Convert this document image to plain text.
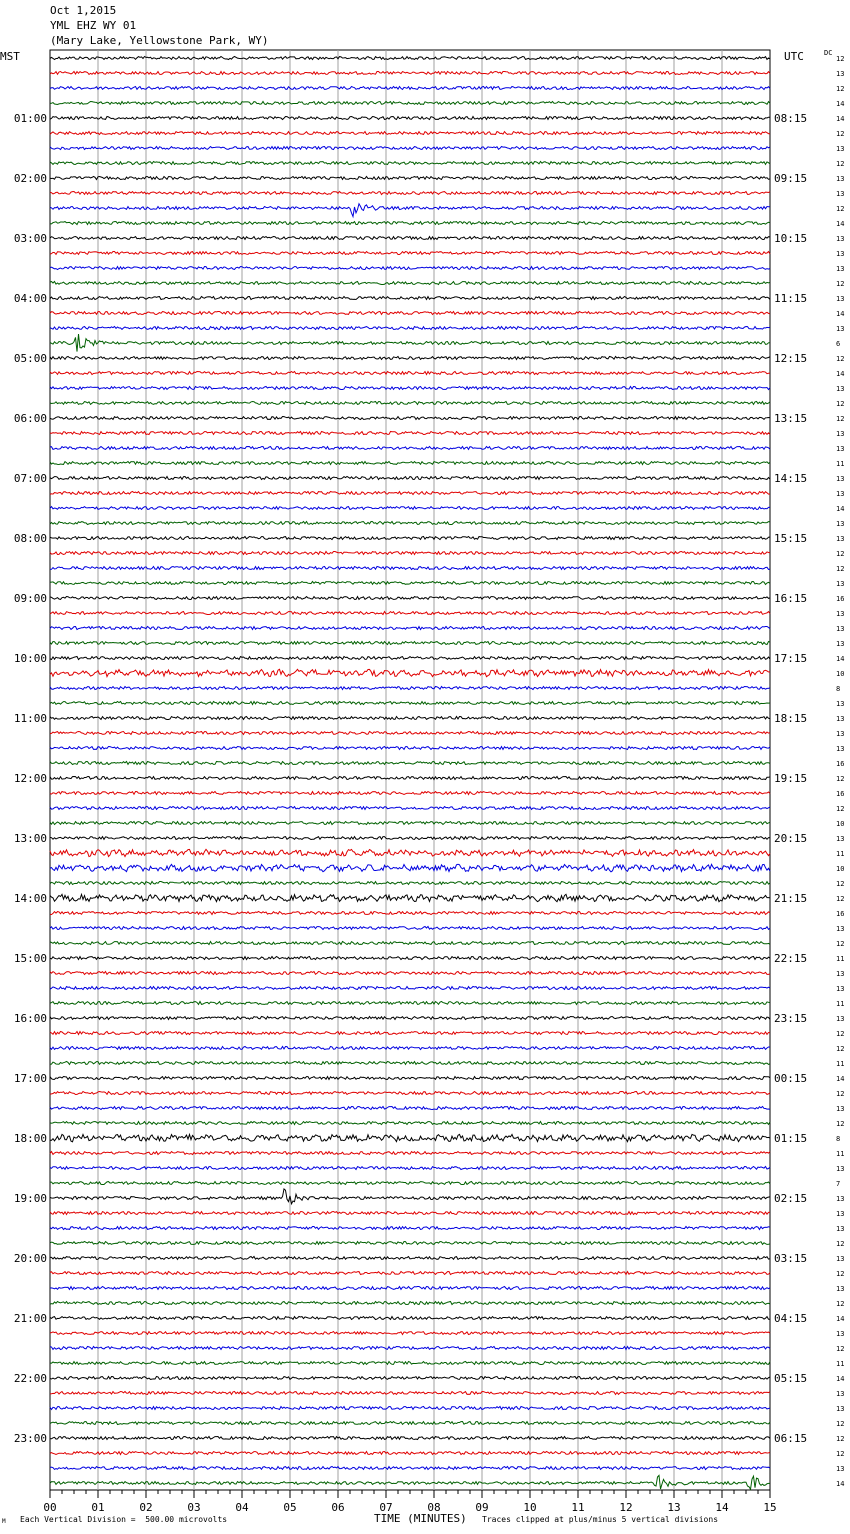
Oct 1,2015
YML EHZ WY 01
(Mary Lake, Yellowstone Park, WY)
MST	UTC	DC
01:00	08:15
02:00	09:15
03:00	10:15
04:00	11:15
05:00	12:15
06:00	13:15
07:00	14:15
08:00	15:15
09:00	16:15
10:00	17:15
11:00	18:15
12:00	19:15
13:00	20:15
14:00	21:15
15:00	22:15
16:00	23:15
17:00	00:15
18:00	01:15
19:00	02:15
20:00	03:15
21:00	04:15
22:00	05:15
23:00	06:15
12
13
12
14
14
12
13
12
13
13
12
14
13
13
13
12
13
14
13
6
12
14
13
12
12
13
13
11
13
13
14
13
13
12
12
13
16
13
13
13
14
10
8
13
13
13
13
16
12
16
12
10
13
11
10
12
12
16
13
12
11
13
13
11
13
12
12
11
14
12
13
12
8
11
13
7
13
13
13
12
13
12
13
12
14
13
12
11
14
13
13
12
12
12
13
14
00	01	02	03	04	05	06	07	08	09	10	11	12	13	14	15
M Each Vertical Division =  500.00 microvolts	TIME (MINUTES) Traces clipped at plus/minus 5 vertical divisions
